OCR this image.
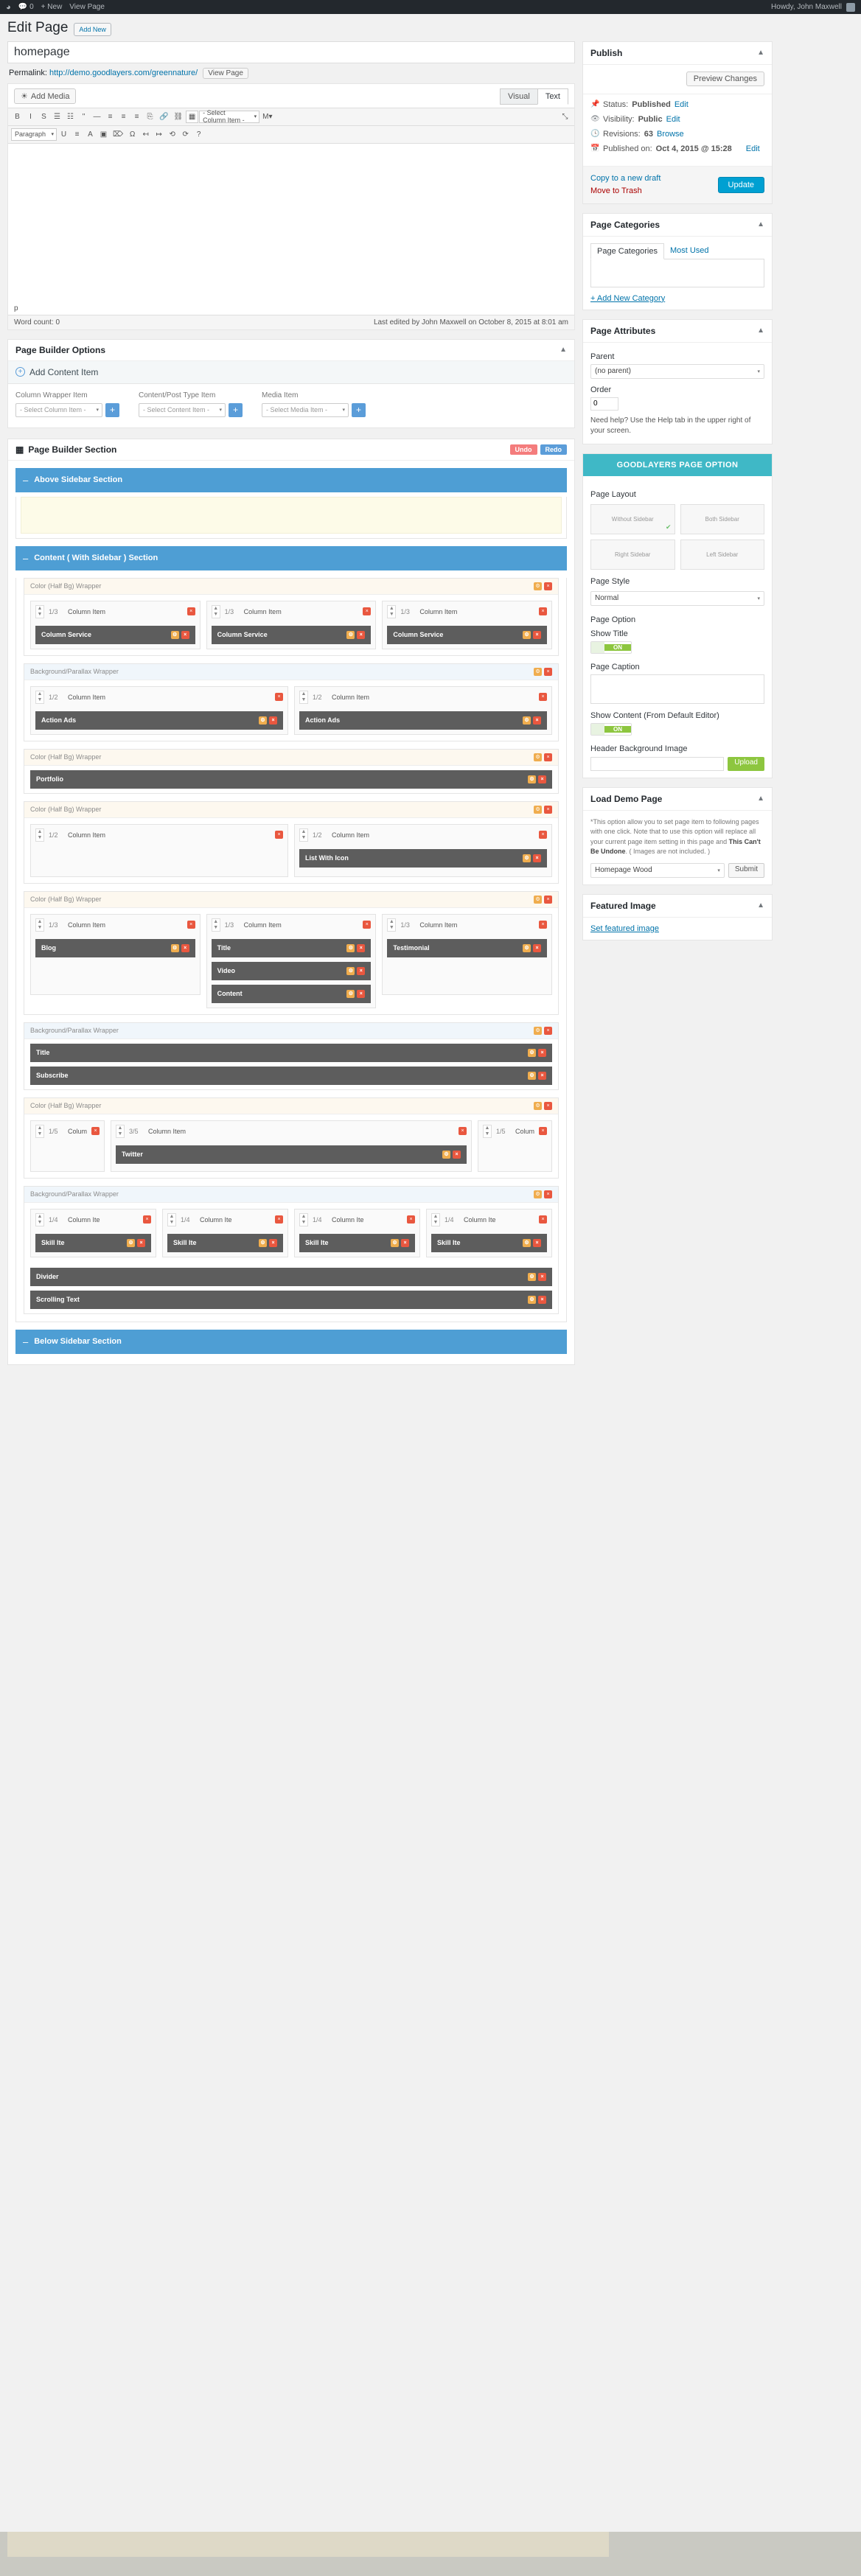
◕ 💬 0 + New View Page	Howdy, John Maxwell
Edit Page	Add New
homepage
Permalink: http://demo.goodlayers.com/greennature/ View Page
☀ Add Media	Visual	Text
B	I	S	☰ ☷	"	—	≡	≡	≡	⎘ 🔗 ⛓ ▦	- Select Column Item - ▾	M▾	⤡
Paragraph ▾	U	≡	A ▣ ⌦ Ω	↤ ↦ ⟲ ⟳	?
p
Word count: 0	Last edited by John Maxwell on October 8, 2015 at 8:01 am
Page Builder Options	▲
+ Add Content Item
Column Wrapper Item
- Select Column Item - ▾	+
Content/Post Type Item
- Select Content Item - ▾	+
Media Item
- Select Media Item - ▾	+
▦ Page Builder Section	Undo	Redo
– Above Sidebar Section
– Content ( With Sidebar ) Section
Color (Half Bg) Wrapper	⚙	×
▲
▼ 1/3	Column Item	×
Column Service	⚙	×
▲
▼ 1/3	Column Item	×
Column Service	⚙	×
▲
▼ 1/3	Column Item	×
Column Service	⚙	×
Background/Parallax Wrapper	⚙	×
▲
▼ 1/2	Column Item	×
Action Ads	⚙	×
▲
▼ 1/2	Column Item	×
Action Ads	⚙	×
Color (Half Bg) Wrapper	⚙	×
Portfolio	⚙	×
Color (Half Bg) Wrapper	⚙	×
▲
▼ 1/2	Column Item	×
▲
▼ 1/2	Column Item	×
List With Icon	⚙	×
Color (Half Bg) Wrapper	⚙	×
▲
▼ 1/3	Column Item	×
Blog	⚙	×
▲
▼ 1/3	Column Item	×
Title	⚙	×
Video	⚙	×
Content	⚙	×
▲
▼ 1/3	Column Item	×
Testimonial	⚙	×
Background/Parallax Wrapper	⚙	×
Title	⚙	×
Subscribe	⚙	×
Color (Half Bg) Wrapper	⚙	×
▲
▼ 1/5	Colum	×
▲
▼ 3/5	Column Item	×
Twitter	⚙	×
▲
▼ 1/5	Colum	×
Background/Parallax Wrapper	⚙	×
▲
▼ 1/4	Column Ite	×
Skill Ite	⚙	×
▲
▼ 1/4	Column Ite	×
Skill Ite	⚙	×
▲
▼ 1/4	Column Ite	×
Skill Ite	⚙	×
▲
▼ 1/4	Column Ite	×
Skill Ite	⚙	×
Divider	⚙	×
Scrolling Text	⚙	×
– Below Sidebar Section
Publish	▲
Preview Changes
📌 Status: Published Edit
👁 Visibility: Public Edit
🕓 Revisions: 63 Browse
📅 Published on: Oct 4, 2015 @ 15:28 Edit
Copy to a new draft
Move to Trash
Update
Page Categories	▲
Page Categories	Most Used
+ Add New Category
Page Attributes	▲
Parent
(no parent) ▾
Order
0
Need help? Use the Help tab in the upper right of your screen.
GOODLAYERS PAGE OPTION
Page Layout
Without Sidebar
✔
Both Sidebar
Right Sidebar	Left Sidebar
Page Style
Normal ▾
Page Option
Show Title
ON
Page Caption
Show Content (From Default Editor)
ON
Header Background Image
Upload
Load Demo Page	▲
*This option allow you to set page item to following pages with one click. Note that to use this option will replace all your current page item setting in this page and This Can't Be Undone. ( Images are not included. )
Homepage Wood ▾	Submit
Featured Image	▲
Set featured image
